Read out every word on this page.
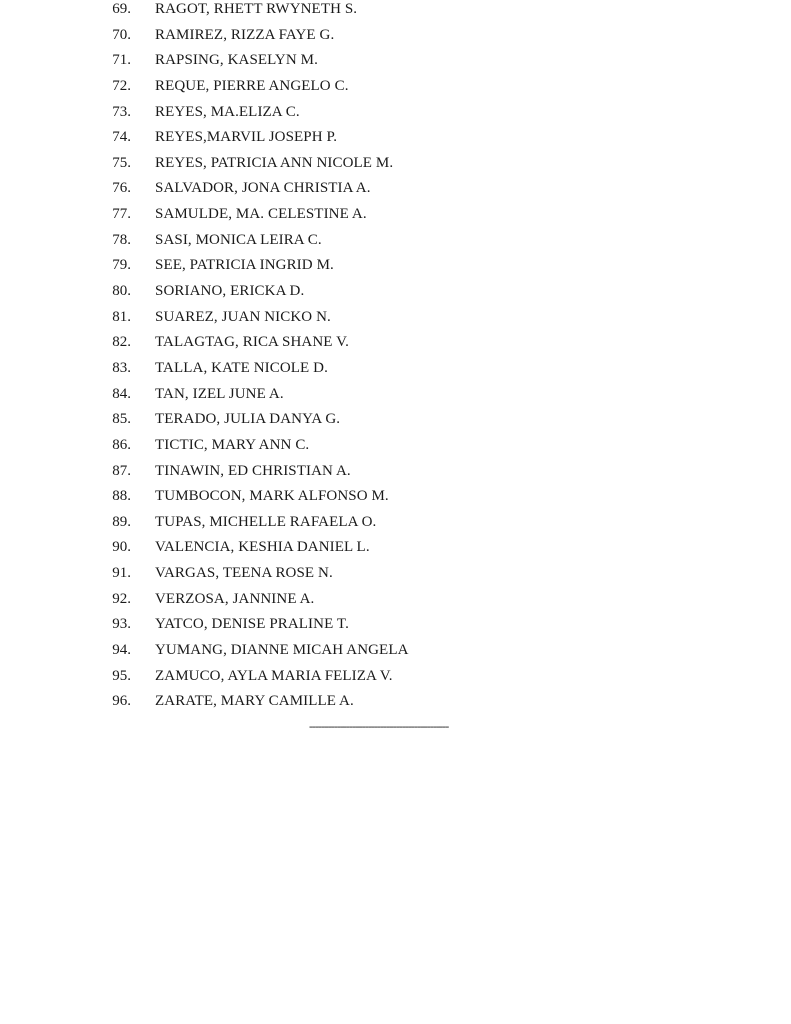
69. RAGOT, RHETT RWYNETH S.
70. RAMIREZ, RIZZA FAYE G.
71. RAPSING, KASELYN M.
72. REQUE, PIERRE ANGELO C.
73. REYES, MA.ELIZA C.
74. REYES,MARVIL JOSEPH P.
75. REYES, PATRICIA ANN NICOLE M.
76. SALVADOR, JONA CHRISTIA A.
77. SAMULDE, MA. CELESTINE A.
78. SASI, MONICA LEIRA C.
79. SEE, PATRICIA INGRID M.
80. SORIANO, ERICKA D.
81. SUAREZ, JUAN NICKO N.
82. TALAGTAG, RICA SHANE V.
83. TALLA, KATE NICOLE D.
84. TAN, IZEL JUNE A.
85. TERADO, JULIA DANYA G.
86. TICTIC, MARY ANN C.
87. TINAWIN, ED CHRISTIAN A.
88. TUMBOCON, MARK ALFONSO M.
89. TUPAS, MICHELLE RAFAELA O.
90. VALENCIA, KESHIA DANIEL L.
91. VARGAS, TEENA ROSE N.
92. VERZOSA, JANNINE A.
93. YATCO, DENISE PRALINE T.
94. YUMANG, DIANNE MICAH ANGELA
95. ZAMUCO, AYLA MARIA FELIZA V.
96. ZARATE, MARY CAMILLE A.
---------------------------------------------
